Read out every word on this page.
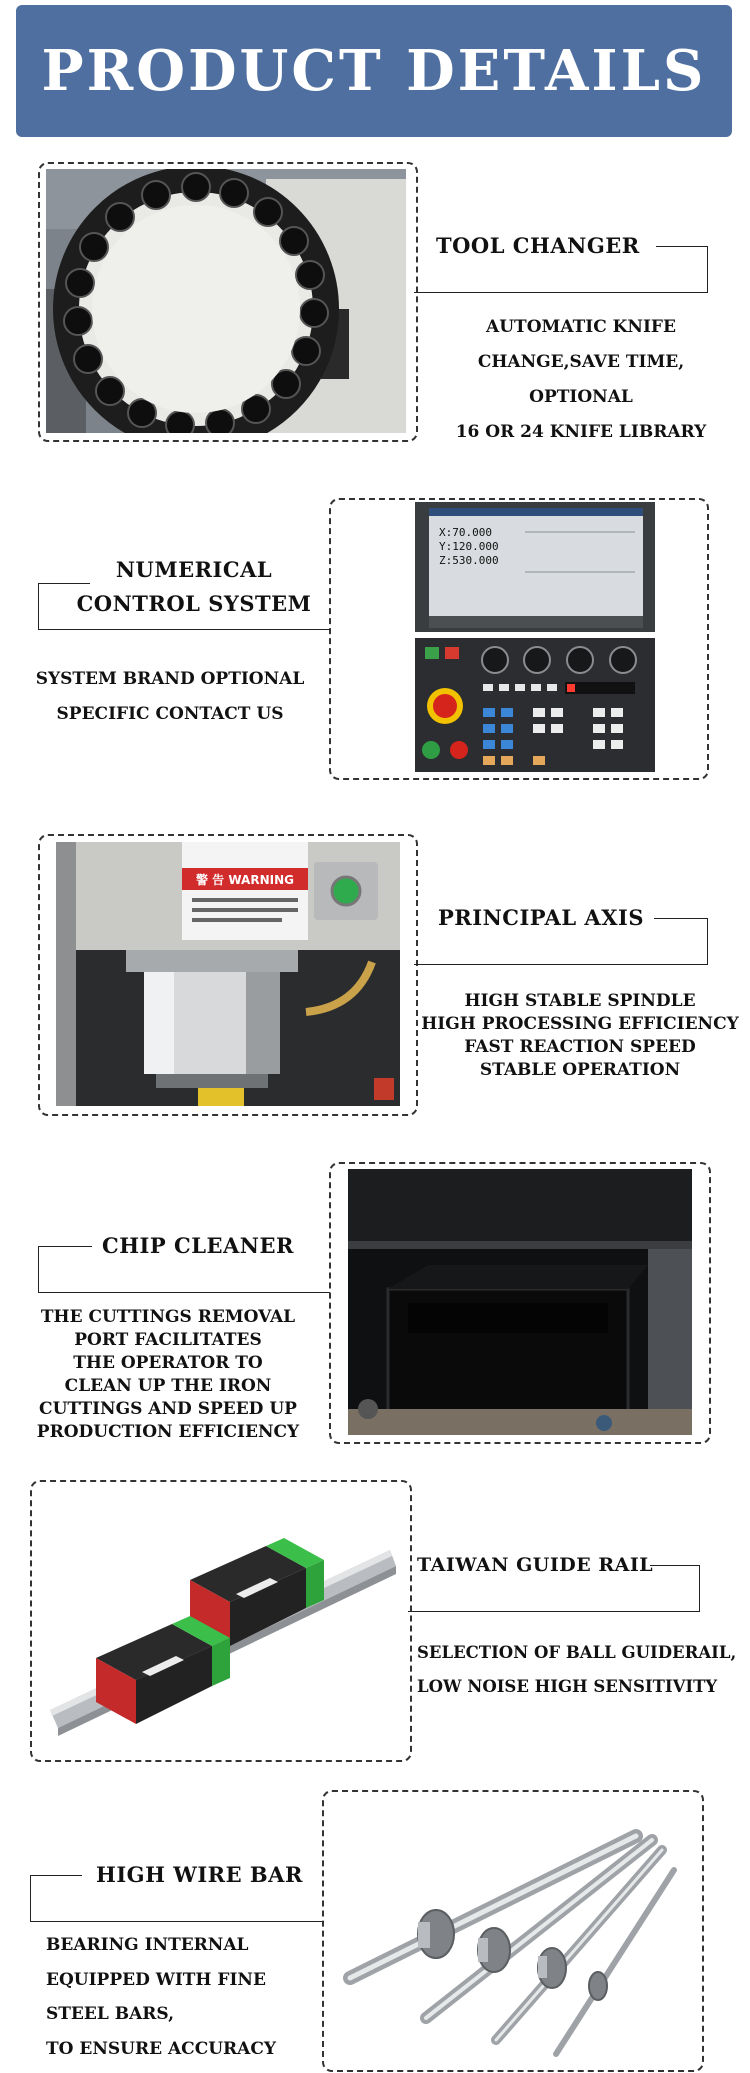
PRODUCT DETAILS
TOOL CHANGER
AUTOMATIC KNIFE
CHANGE,SAVE TIME,
OPTIONAL
16 OR 24 KNIFE LIBRARY
X:70.000
Y:120.000
Z:530.000
NUMERICAL
CONTROL SYSTEM
SYSTEM BRAND OPTIONAL
SPECIFIC CONTACT US
警 告 WARNING
PRINCIPAL AXIS
HIGH STABLE SPINDLE
HIGH PROCESSING EFFICIENCY
FAST REACTION SPEED
STABLE OPERATION
CHIP CLEANER
THE CUTTINGS REMOVAL
PORT FACILITATES
THE OPERATOR TO
CLEAN UP THE IRON
CUTTINGS AND SPEED UP
PRODUCTION EFFICIENCY
TAIWAN GUIDE RAIL
SELECTION OF BALL GUIDERAIL,
LOW NOISE HIGH SENSITIVITY
HIGH WIRE BAR
BEARING INTERNAL
EQUIPPED WITH FINE
STEEL BARS,
TO ENSURE ACCURACY
